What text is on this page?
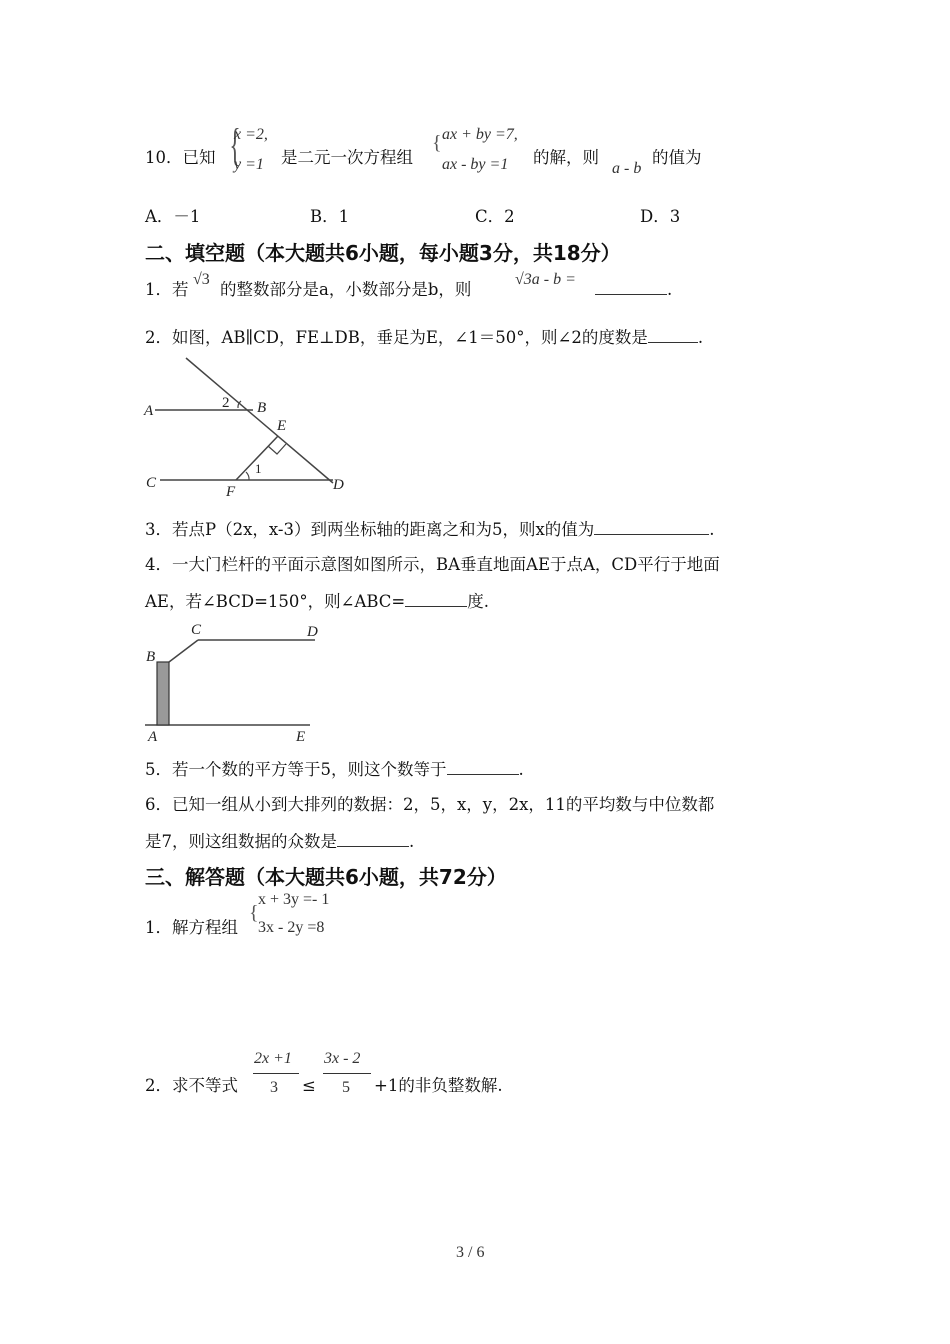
10．已知 {
x =2,
y =1 是二元一次方程组
{ ax + by =7,
ax - by =1 的解，则
a - b
的值为
A．－1	B．1	C．2	D．3
二、填空题（本大题共6小题，每小题3分，共18分）
1．若
√3
的整数部分是a，小数部分是b，则
√3a - b =
.
2．如图，AB∥CD，FE⊥DB，垂足为E，∠1＝50°，则∠2的度数是	.
A	2 B
E
C
1
F	D
B
C	D
A	E
3．若点P（2x，x-3）到两坐标轴的距离之和为5，则x的值为	.
4．一大门栏杆的平面示意图如图所示，BA垂直地面AE于点A，CD平行于地面
AE，若∠BCD=150°，则∠ABC=	度.
5．若一个数的平方等于5，则这个数等于	.
6．已知一组从小到大排列的数据：2，5，x，y，2x，11的平均数与中位数都
是7，则这组数据的众数是	.
三、解答题（本大题共6小题，共72分）
1．解方程组
{
x + 3y =- 1
3x - 2y =8
2．求不等式
2x +1
3 ≤
3x - 2
5 +1的非负整数解.
3 / 6
